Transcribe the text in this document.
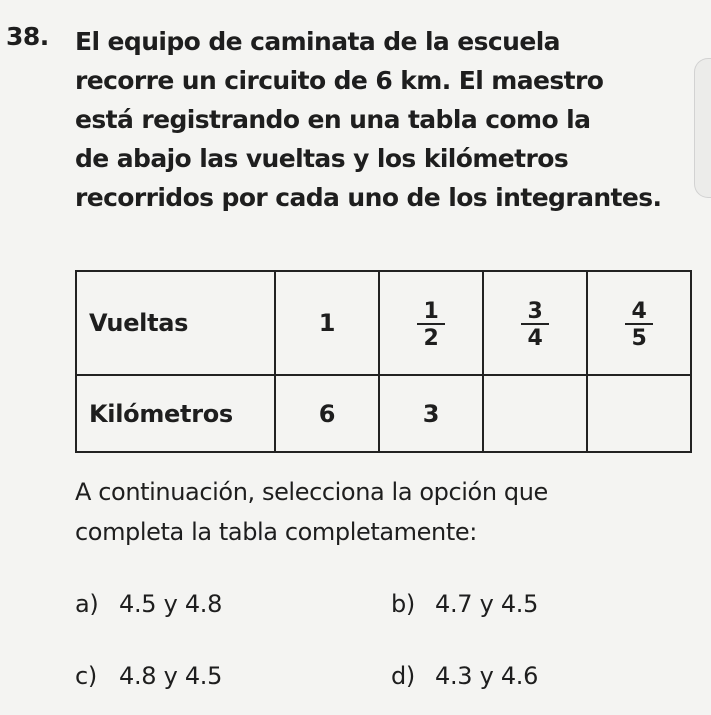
38. El equipo de caminata de la escuela
recorre un circuito de 6 km. El maestro
está registrando en una tabla como la
de abajo las vueltas y los kilómetros
recorridos por cada uno de los integrantes.
Vueltas	1	$\frac{1}{2}$	$\frac{3}{4}$	$\frac{4}{5}$

Kilómetros	6	3		
A continuación, selecciona la opción que
completa la tabla completamente:
a) 4.5 y 4.8	b) 4.7 y 4.5
c) 4.8 y 4.5	d) 4.3 y 4.6
